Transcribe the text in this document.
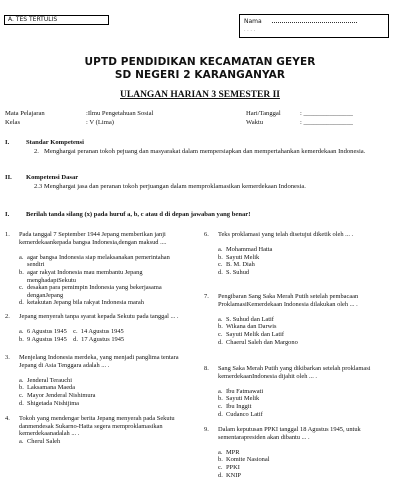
A. TES TERTULIS	Nama
. . . .
UPTD PENDIDIKAN KECAMATAN GEYER
SD NEGERI 2 KARANGANYAR
ULANGAN HARIAN 3 SEMESTER II
Mata Pelajaran	:Ilmu Pengetahuan Sosial
Kelas	: V (Lima)
Hari/Tanggal	: _______________
Waktu	: _______________
I.	Standar Kompetensi
2. Menghargai peranan tokoh pejuang dan masyarakat dalam mempersiapkan dan mempertahankan kemerdekaan Indonesia.
II. Kompetensi Dasar
2.3 Menghargai jasa dan peranan tokoh perjuangan dalam memproklamasikan kemerdekaan Indonesia.
I.	Berilah tanda silang (x) pada huruf a, b, c atau d di depan jawaban yang benar!
1. Pada tanggal 7 September 1944 Jepang memberikan janji kemerdekaankepada bangsa Indonesia,dengan maksud ....
a. agar bangsa Indonesia siap melaksanakan pemerintahan sendiri
b. agar rakyat Indonesia mau membantu Jepang menghadapiSekutu
c. desakan para pemimpin Indonesia yang bekerjasama denganJepang
d. ketakutan Jepang bila rakyat Indonesia marah
2. Jepang menyerah tanpa syarat kepada Sekutu pada tanggal ... .
a. 6 Agustus 1945    c.  14 Agustus 1945
b. 9 Agustus 1945    d.  17 Agustus 1945
3. Menjelang Indonesia merdeka, yang menjadi panglima tentara Jepang di Asia Tenggara adalah ... .
a. Jenderal Terauchi
b. Laksamana Maeda
c. Mayor Jenderal Nishimura
d. Shigetada Nishijima
4. Tokoh yang mendengar berita Jepang menyerah pada Sekutu danmendesak Sukarno-Hatta segera memproklamasikan kemerdekaanadalah ... .
a. Cherul Saleh
6. Teks proklamasi yang telah disetujui diketik oleh ... .
a. Mohammad Hatta
b. Sayuti Melik
c. B. M. Diah
d. S. Suhud
7. Pengibaran Sang Saka Merah Putih setelah pembacaan ProklamasiKemerdekaan Indonesia dilakukan oleh ... .
a. S. Suhud dan Latif
b. Wikana dan Darwis
c. Sayuti Melik dan Latif
d. Chaerul Saleh dan Margono
8. Sang Saka Merah Putih yang dikibarkan setelah proklamasi kemerdekaanIndonesia dijahit oleh ... .
a. Ibu Fatmawati
b. Sayuti Melik
c. Ibu Inggit
d. Cudanco Latif
9. Dalam keputusan PPKI tanggal 18 Agustus 1945, untuk sementarapresiden akan dibantu ... .
a. MPR
b. Komite Nasional
c. PPKI
d. KNIP
